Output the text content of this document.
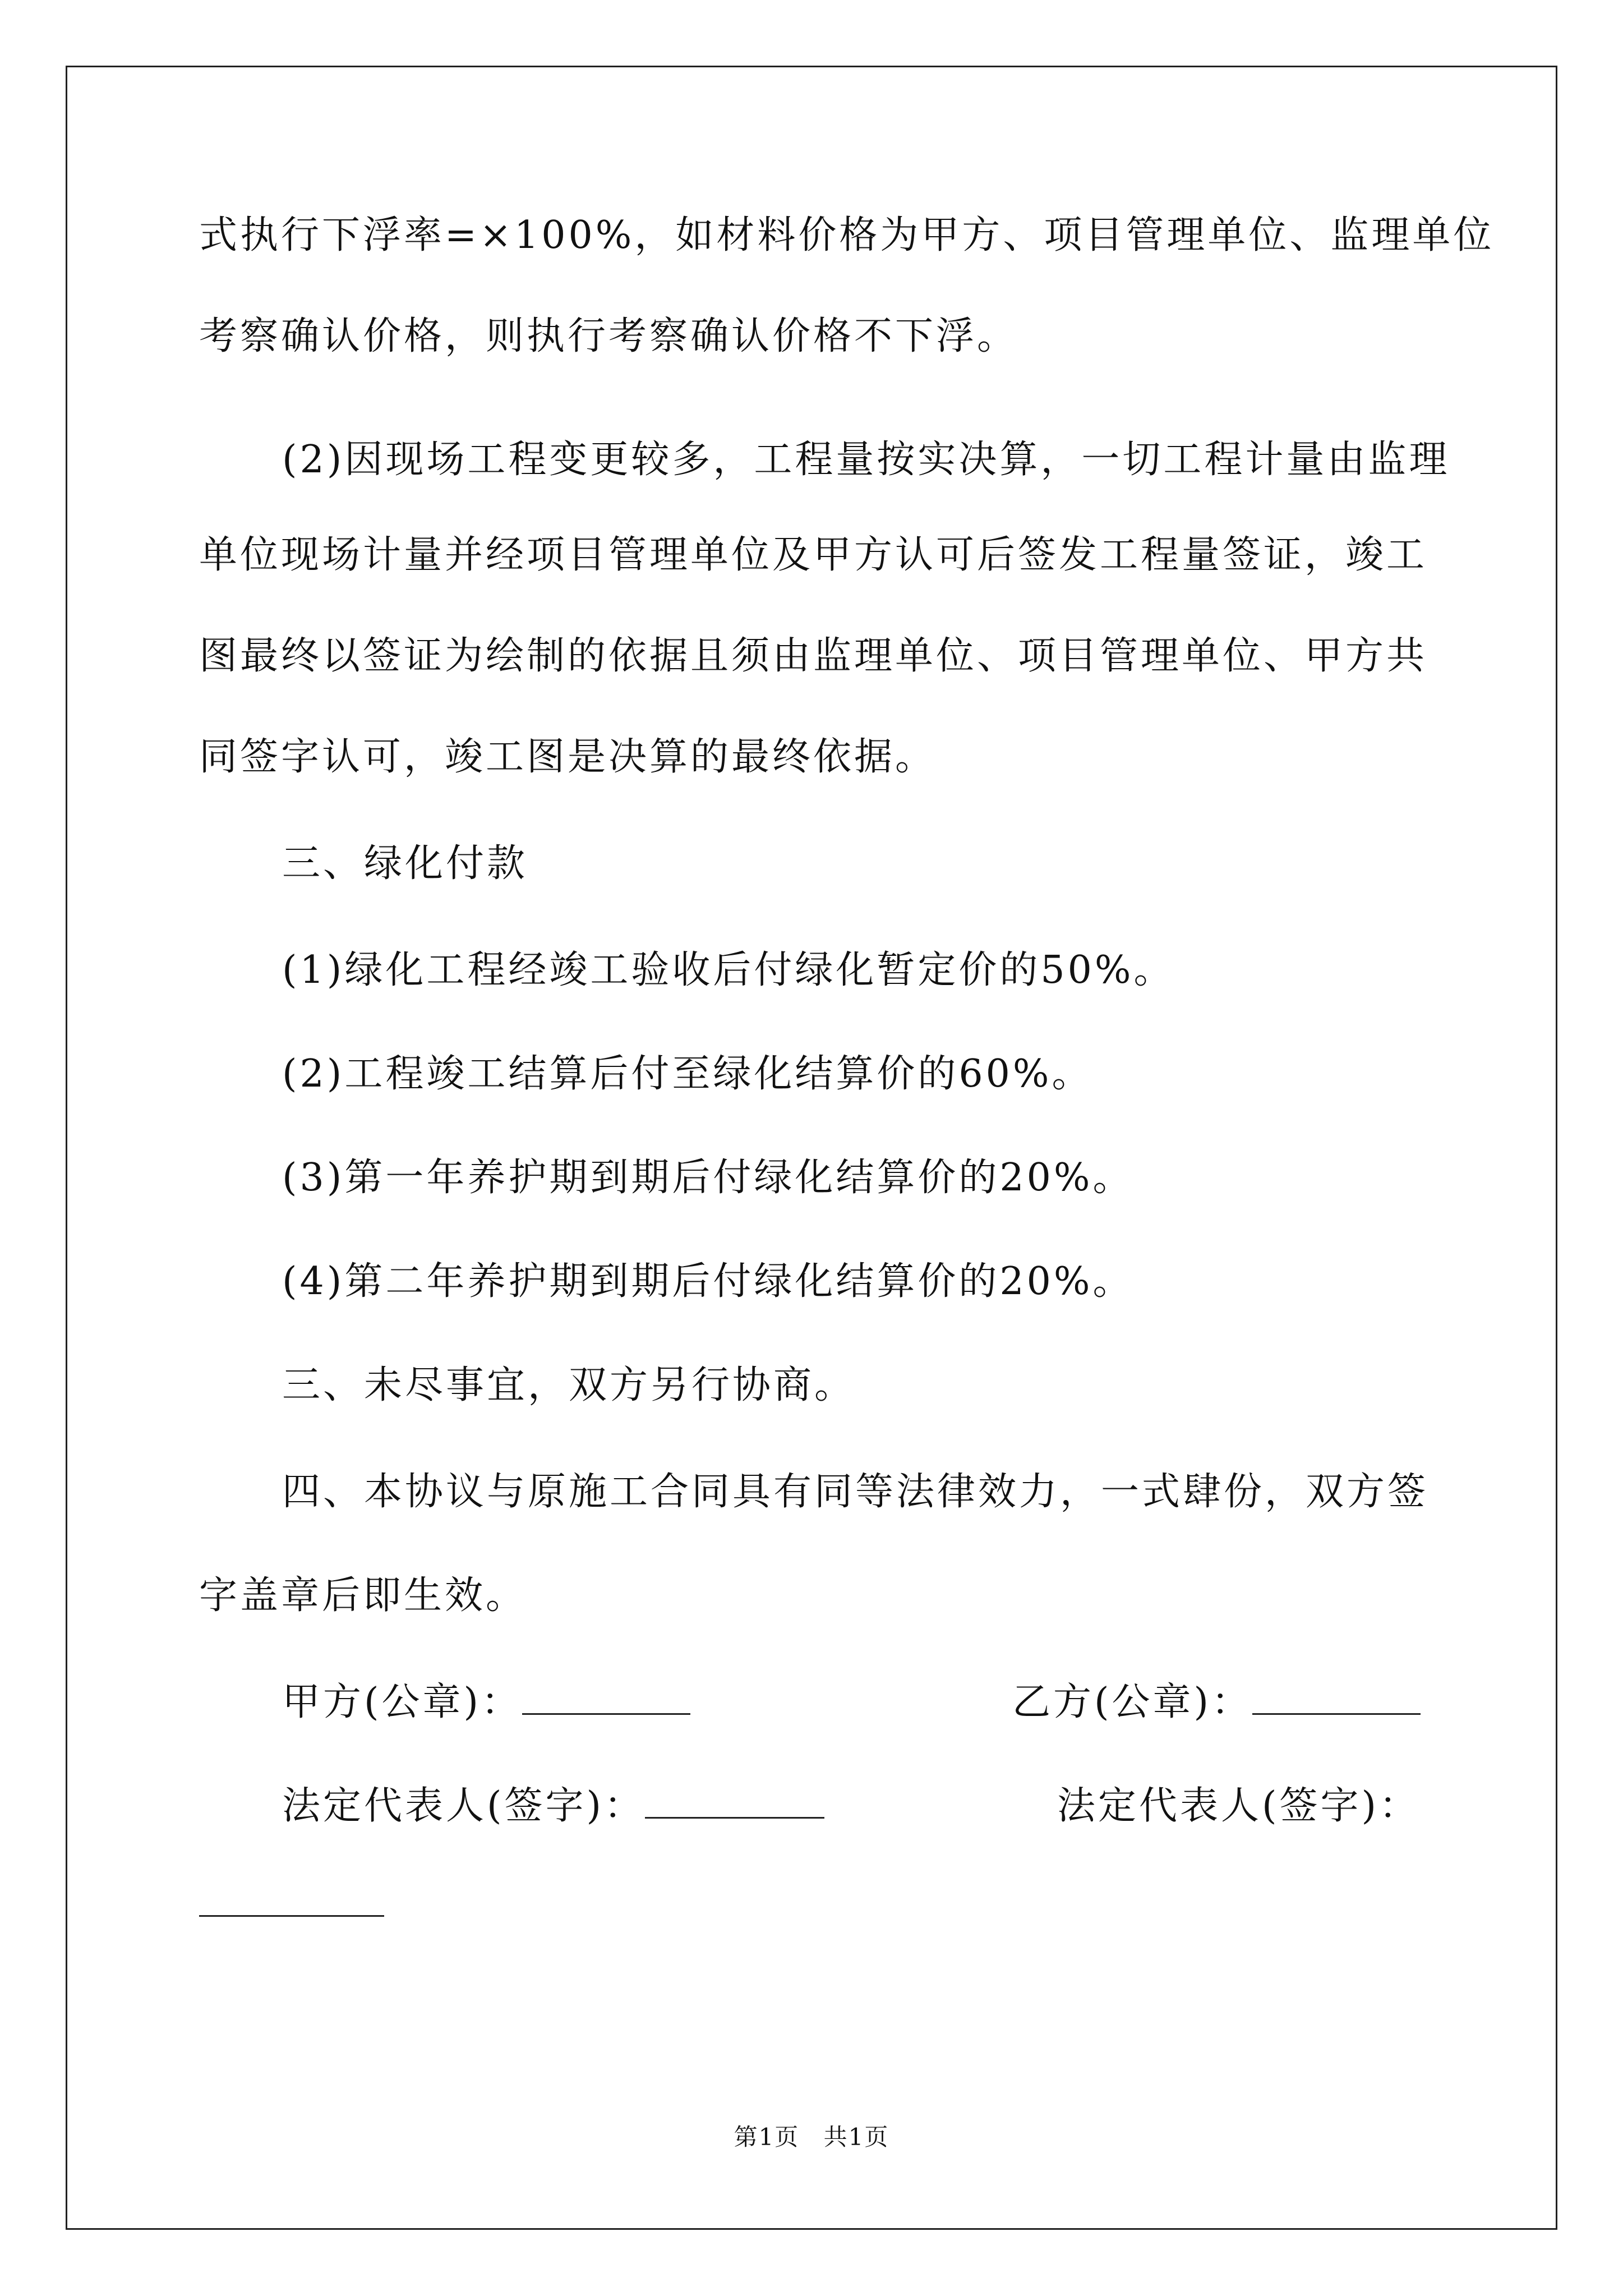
式执行下浮率=×100%，如材料价格为甲方、项目管理单位、监理单位
考察确认价格，则执行考察确认价格不下浮。
(2)因现场工程变更较多，工程量按实决算，一切工程计量由监理
单位现场计量并经项目管理单位及甲方认可后签发工程量签证，竣工
图最终以签证为绘制的依据且须由监理单位、项目管理单位、甲方共
同签字认可，竣工图是决算的最终依据。
三、绿化付款
(1)绿化工程经竣工验收后付绿化暂定价的50%。
(2)工程竣工结算后付至绿化结算价的60%。
(3)第一年养护期到期后付绿化结算价的20%。
(4)第二年养护期到期后付绿化结算价的20%。
三、未尽事宜，双方另行协商。
四、本协议与原施工合同具有同等法律效力，一式肆份，双方签
字盖章后即生效。
甲方(公章)：	乙方(公章)：
法定代表人(签字)：	法定代表人(签字)：
第1页 共1页
